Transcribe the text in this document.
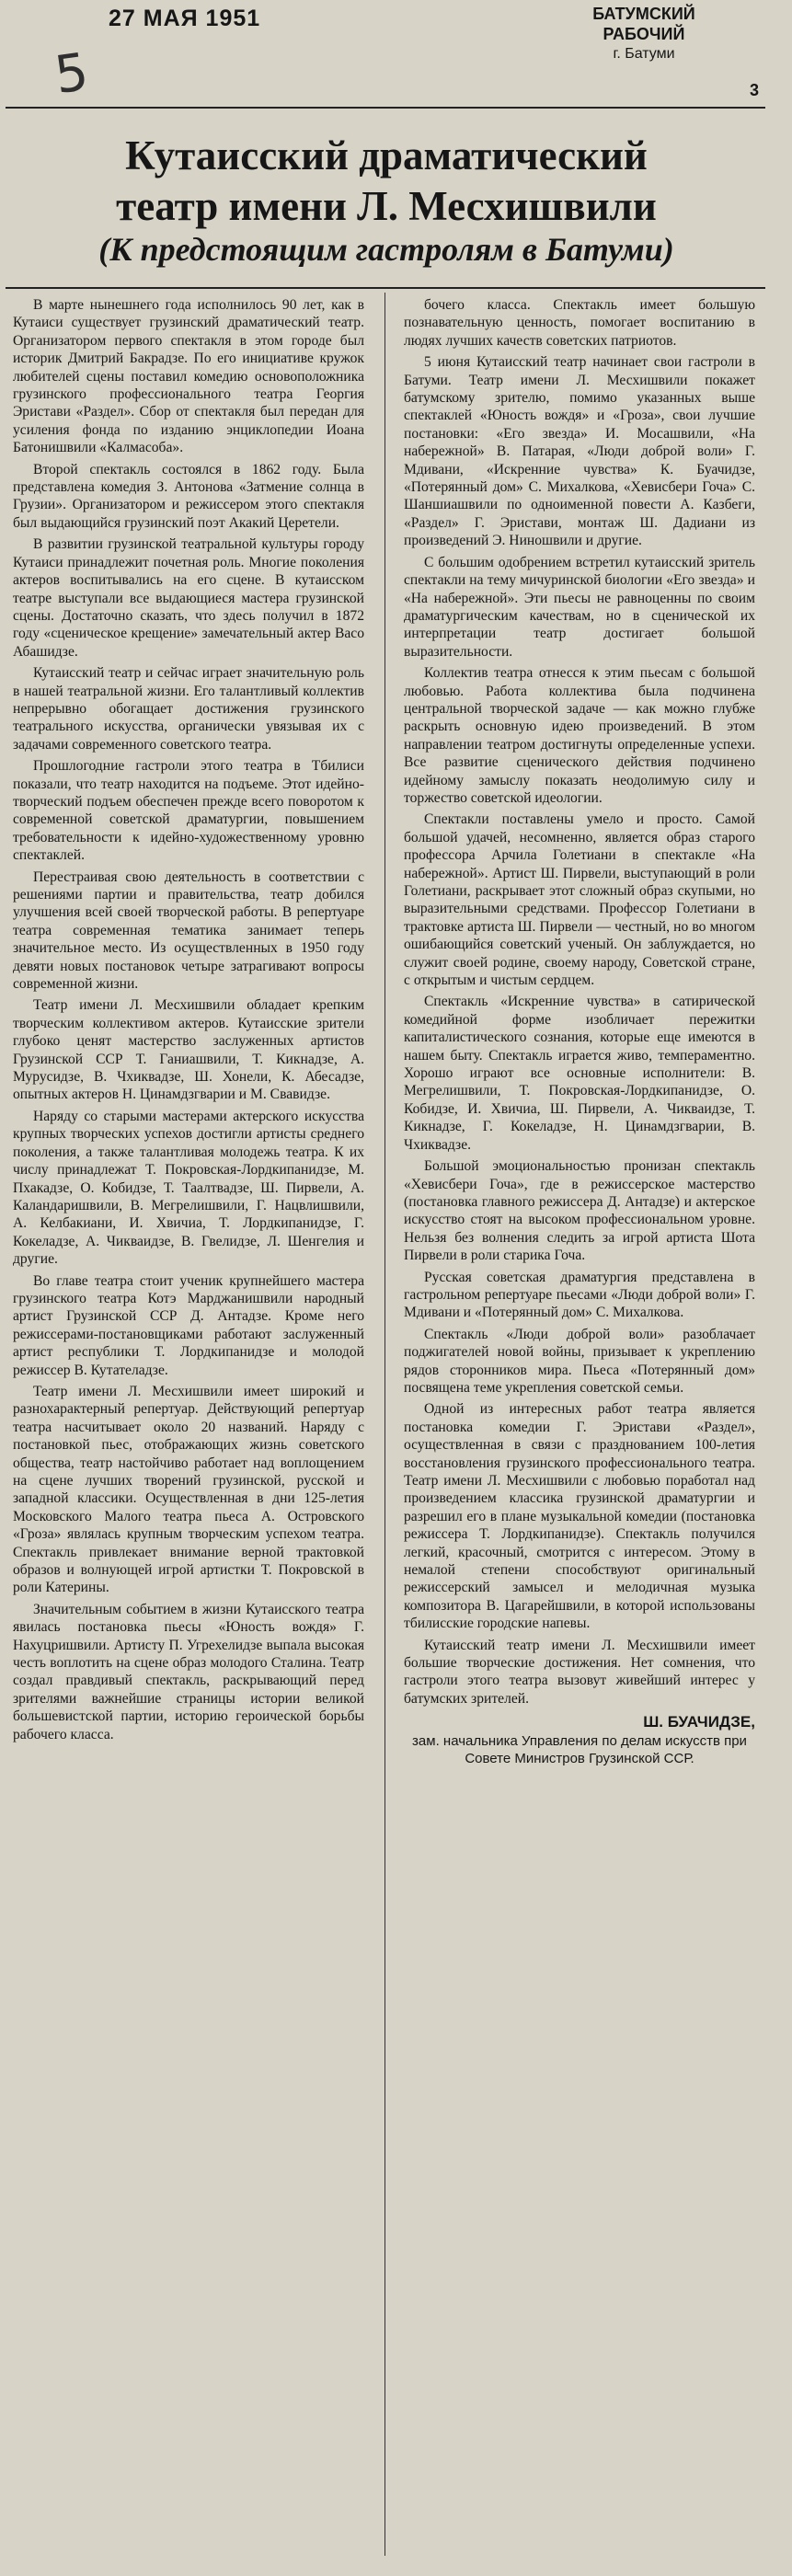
27 МАЯ 1951	БАТУМСКИЙ РАБОЧИЙ
г. Батуми
5	3
Кутаисский драматический
театр имени Л. Месхишвили
(К предстоящим гастролям в Батуми)

В марте нынешнего года исполнилось 90 лет, как в Кутаиси существует грузинский драматический театр. Организатором первого спектакля в этом городе был историк Дмитрий Бакрадзе. По его инициативе кружок любителей сцены поставил комедию основоположника грузинского профессионального театра Георгия Эристави «Раздел». Сбор от спектакля был передан для усиления фонда по изданию энциклопедии Иоана Батонишвили «Калмасоба».

Второй спектакль состоялся в 1862 году. Была представлена комедия З. Антонова «Затмение солнца в Грузии». Организатором и режиссером этого спектакля был выдающийся грузинский поэт Акакий Церетели.

В развитии грузинской театральной культуры городу Кутаиси принадлежит почетная роль. Многие поколения актеров воспитывались на его сцене. В кутаисском театре выступали все выдающиеся мастера грузинской сцены. Достаточно сказать, что здесь получил в 1872 году «сценическое крещение» замечательный актер Васо Абашидзе.

Кутаисский театр и сейчас играет значительную роль в нашей театральной жизни. Его талантливый коллектив непрерывно обогащает достижения грузинского театрального искусства, органически увязывая их с задачами современного советского театра.

Прошлогодние гастроли этого театра в Тбилиси показали, что театр находится на подъеме. Этот идейно-творческий подъем обеспечен прежде всего поворотом к современной советской драматургии, повышением требовательности к идейно-художественному уровню спектаклей.

Перестраивая свою деятельность в соответствии с решениями партии и правительства, театр добился улучшения всей своей творческой работы. В репертуаре театра современная тематика занимает теперь значительное место. Из осуществленных в 1950 году девяти новых постановок четыре затрагивают вопросы современной жизни.

Театр имени Л. Месхишвили обладает крепким творческим коллективом актеров. Кутаисские зрители глубоко ценят мастерство заслуженных артистов Грузинской ССР Т. Ганиашвили, Т. Кикнадзе, А. Мурусидзе, В. Чхиквадзе, Ш. Хонели, К. Абесадзе, опытных актеров Н. Цинамдзгварии и М. Свавидзе.

Наряду со старыми мастерами актерского искусства крупных творческих успехов достигли артисты среднего поколения, а также талантливая молодежь театра. К их числу принадлежат Т. Покровская-Лордкипанидзе, М. Пхакадзе, О. Кобидзе, Т. Таалтвадзе, Ш. Пирвели, А. Каландаришвили, В. Мегрелишвили, Г. Нацвлишвили, А. Келбакиани, И. Хвичиа, Т. Лордкипанидзе, Г. Кокеладзе, А. Чикваидзе, В. Гвелидзе, Л. Шенгелия и другие.

Во главе театра стоит ученик крупнейшего мастера грузинского театра Котэ Марджанишвили народный артист Грузинской ССР Д. Антадзе. Кроме него режиссерами-постановщиками работают заслуженный артист республики Т. Лордкипанидзе и молодой режиссер В. Кутателадзе.

Театр имени Л. Месхишвили имеет широкий и разнохарактерный репертуар. Действующий репертуар театра насчитывает около 20 названий. Наряду с постановкой пьес, отображающих жизнь советского общества, театр настойчиво работает над воплощением на сцене лучших творений грузинской, русской и западной классики. Осуществленная в дни 125-летия Московского Малого театра пьеса А. Островского «Гроза» являлась крупным творческим успехом театра. Спектакль привлекает внимание верной трактовкой образов и волнующей игрой артистки Т. Покровской в роли Катерины.

Значительным событием в жизни Кутаисского театра явилась постановка пьесы «Юность вождя» Г. Нахуцришвили. Артисту П. Угрехелидзе выпала высокая честь воплотить на сцене образ молодого Сталина. Театр создал правдивый спектакль, раскрывающий перед зрителями важнейшие страницы истории великой большевистской партии, историю героической борьбы рабочего класса.

бочего класса. Спектакль имеет большую познавательную ценность, помогает воспитанию в людях лучших качеств советских патриотов.

5 июня Кутаисский театр начинает свои гастроли в Батуми. Театр имени Л. Месхишвили покажет батумскому зрителю, помимо указанных выше спектаклей «Юность вождя» и «Гроза», свои лучшие постановки: «Его звезда» И. Мосашвили, «На набережной» В. Патарая, «Люди доброй воли» Г. Мдивани, «Искренние чувства» К. Буачидзе, «Потерянный дом» С. Михалкова, «Хевисбери Гоча» С. Шаншиашвили по одноименной повести А. Казбеги, «Раздел» Г. Эристави, монтаж Ш. Дадиани из произведений Э. Ниношвили и другие.

С большим одобрением встретил кутаисский зритель спектакли на тему мичуринской биологии «Его звезда» и «На набережной». Эти пьесы не равноценны по своим драматургическим качествам, но в сценической их интерпретации театр достигает большой выразительности.

Коллектив театра отнесся к этим пьесам с большой любовью. Работа коллектива была подчинена центральной творческой задаче — как можно глубже раскрыть основную идею произведений. В этом направлении театром достигнуты определенные успехи. Все развитие сценического действия подчинено идейному замыслу показать неодолимую силу и торжество советской идеологии.

Спектакли поставлены умело и просто. Самой большой удачей, несомненно, является образ старого профессора Арчила Голетиани в спектакле «На набережной». Артист Ш. Пирвели, выступающий в роли Голетиани, раскрывает этот сложный образ скупыми, но выразительными средствами. Профессор Голетиани в трактовке артиста Ш. Пирвели — честный, но во многом ошибающийся советский ученый. Он заблуждается, но служит своей родине, своему народу, Советской стране, с открытым и чистым сердцем.

Спектакль «Искренние чувства» в сатирической комедийной форме изобличает пережитки капиталистического сознания, которые еще имеются в нашем быту. Спектакль играется живо, темпераментно. Хорошо играют все основные исполнители: В. Мегрелишвили, Т. Покровская-Лордкипанидзе, О. Кобидзе, И. Хвичиа, Ш. Пирвели, А. Чикваидзе, Т. Кикнадзе, Г. Кокеладзе, Н. Цинамдзгварии, В. Чхиквадзе.

Большой эмоциональностью пронизан спектакль «Хевисбери Гоча», где в режиссерское мастерство (постановка главного режиссера Д. Антадзе) и актерское искусство стоят на высоком профессиональном уровне. Нельзя без волнения следить за игрой артиста Шота Пирвели в роли старика Гоча.

Русская советская драматургия представлена в гастрольном репертуаре пьесами «Люди доброй воли» Г. Мдивани и «Потерянный дом» С. Михалкова.

Спектакль «Люди доброй воли» разоблачает поджигателей новой войны, призывает к укреплению рядов сторонников мира. Пьеса «Потерянный дом» посвящена теме укрепления советской семьи.

Одной из интересных работ театра является постановка комедии Г. Эристави «Раздел», осуществленная в связи с празднованием 100-летия восстановления грузинского профессионального театра. Театр имени Л. Месхишвили с любовью поработал над произведением классика грузинской драматургии и разрешил его в плане музыкальной комедии (постановка режиссера Т. Лордкипанидзе). Спектакль получился легкий, красочный, смотрится с интересом. Этому в немалой степени способствуют оригинальный режиссерский замысел и мелодичная музыка композитора В. Цагарейшвили, в которой использованы тбилисские городские напевы.

Кутаисский театр имени Л. Месхишвили имеет большие творческие достижения. Нет сомнения, что гастроли этого театра вызовут живейший интерес у батумских зрителей.

Ш. БУАЧИДЗЕ,
зам. начальника Управления по делам искусств при Совете Министров Грузинской ССР.
